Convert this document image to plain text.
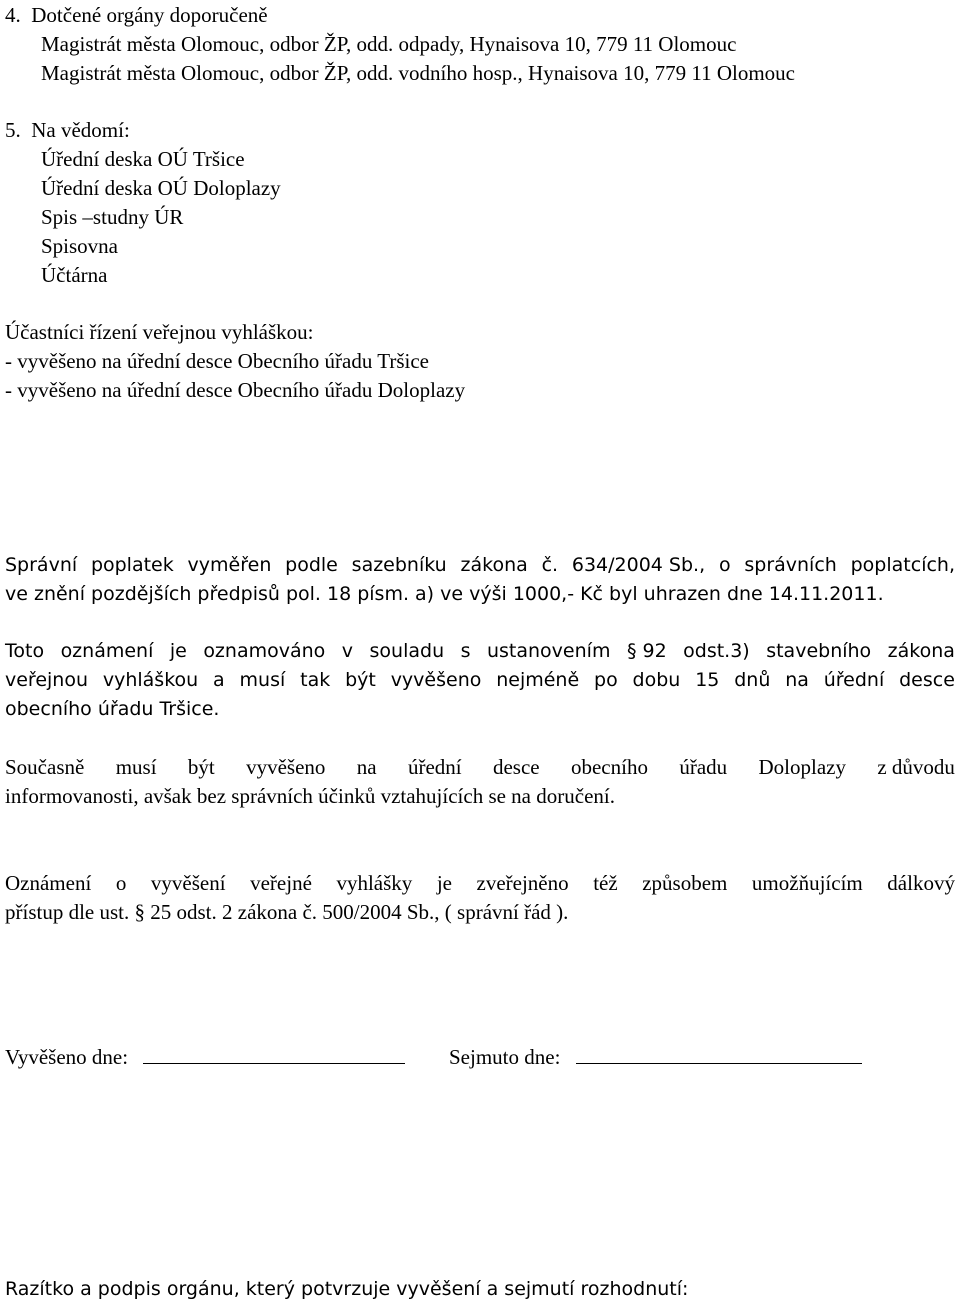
4.  Dotčené orgány doporučeně
Magistrát města Olomouc, odbor ŽP, odd. odpady, Hynaisova 10, 779 11 Olomouc
Magistrát města Olomouc, odbor ŽP, odd. vodního hosp., Hynaisova 10, 779 11 Olomouc
5.  Na vědomí:
Úřední deska OÚ Tršice
Úřední deska OÚ Doloplazy
Spis –studny ÚR
Spisovna
Účtárna
Účastníci řízení veřejnou vyhláškou:
- vyvěšeno na úřední desce Obecního úřadu Tršice
- vyvěšeno na úřední desce Obecního úřadu Doloplazy
Správní poplatek vyměřen podle sazebníku zákona č. 634/2004 Sb., o správních poplatcích,
ve znění pozdějších předpisů pol. 18 písm. a) ve výši 1000,- Kč byl uhrazen dne 14.11.2011.
Toto oznámení je oznamováno v souladu s ustanovením § 92 odst.3) stavebního zákona
veřejnou vyhláškou a musí tak být vyvěšeno nejméně po dobu 15 dnů na úřední desce
obecního úřadu Tršice.
Současně musí být vyvěšeno na úřední desce obecního úřadu Doloplazy z důvodu
informovanosti, avšak bez správních účinků vztahujících se na doručení.
Oznámení o vyvěšení veřejné vyhlášky je zveřejněno též způsobem umožňujícím dálkový
přístup dle ust. § 25 odst. 2 zákona č. 500/2004 Sb., ( správní řád ).
Vyvěšeno dne:	Sejmuto dne:
Razítko a podpis orgánu, který potvrzuje vyvěšení a sejmutí rozhodnutí:
